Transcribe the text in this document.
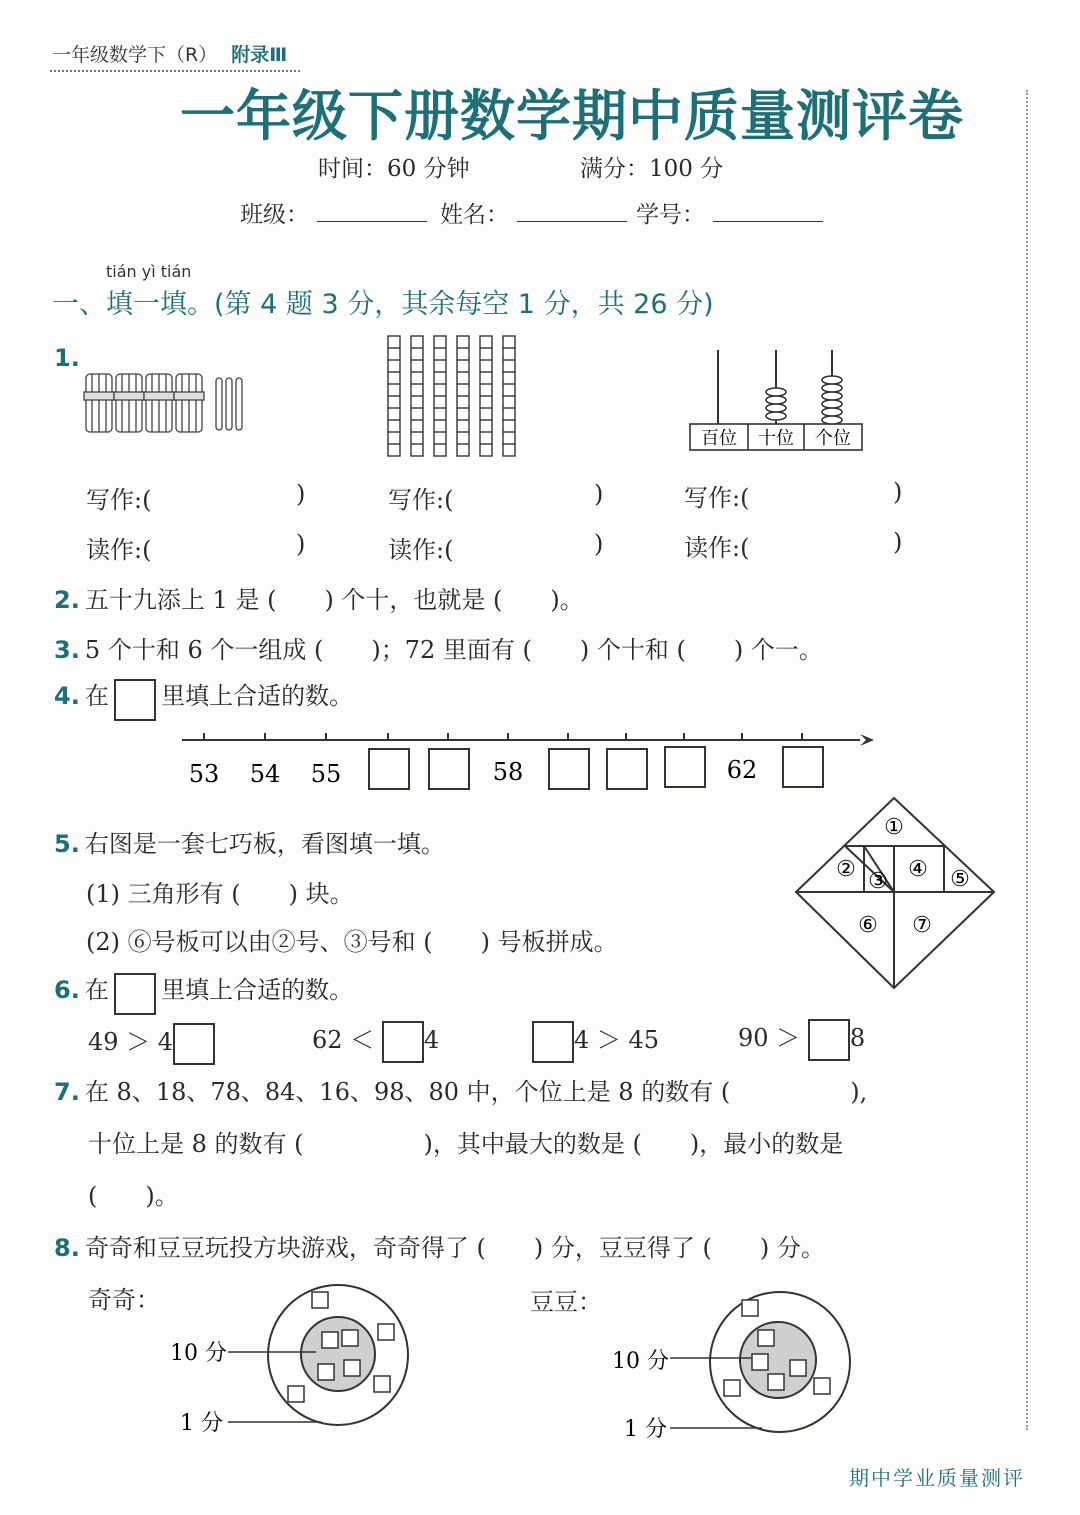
一年级数学下（R） 附录Ⅲ
一年级下册数学期中质量测评卷
时间：60 分钟	满分：100 分
班级：	姓名：	学号：
tián yì tián
一、填一填。(第 4 题 3 分，其余每空 1 分，共 26 分)
1.
百位 十位 个位
写作:(	)	写作:(	)	写作:(	)
读作:(	)	读作:(	)	读作:(	)
2. 五十九添上 1 是 (　　) 个十，也就是 (　　)。
3. 5 个十和 6 个一组成 (　　)；72 里面有 (　　) 个十和 (　　) 个一。
4. 在 里填上合适的数。
53 54 55	58	62
5. 右图是一套七巧板，看图填一填。
(1) 三角形有 (　　) 块。
(2) ⑥号板可以由②号、③号和 (　　) 号板拼成。
①
② ③ ④ ⑤
⑥ ⑦
6. 在 里填上合适的数。
49 ＞ 4	62 ＜ 4	4 ＞ 45	90 ＞ 8
7. 在 8、18、78、84、16、98、80 中，个位上是 8 的数有 (　　　　　),
十位上是 8 的数有 (　　　　　)，其中最大的数是 (　　)，最小的数是
(　　)。
8. 奇奇和豆豆玩投方块游戏，奇奇得了 (　　) 分，豆豆得了 (　　) 分。
奇奇：	豆豆：
10 分
1 分
10 分
1 分
期中学业质量测评
